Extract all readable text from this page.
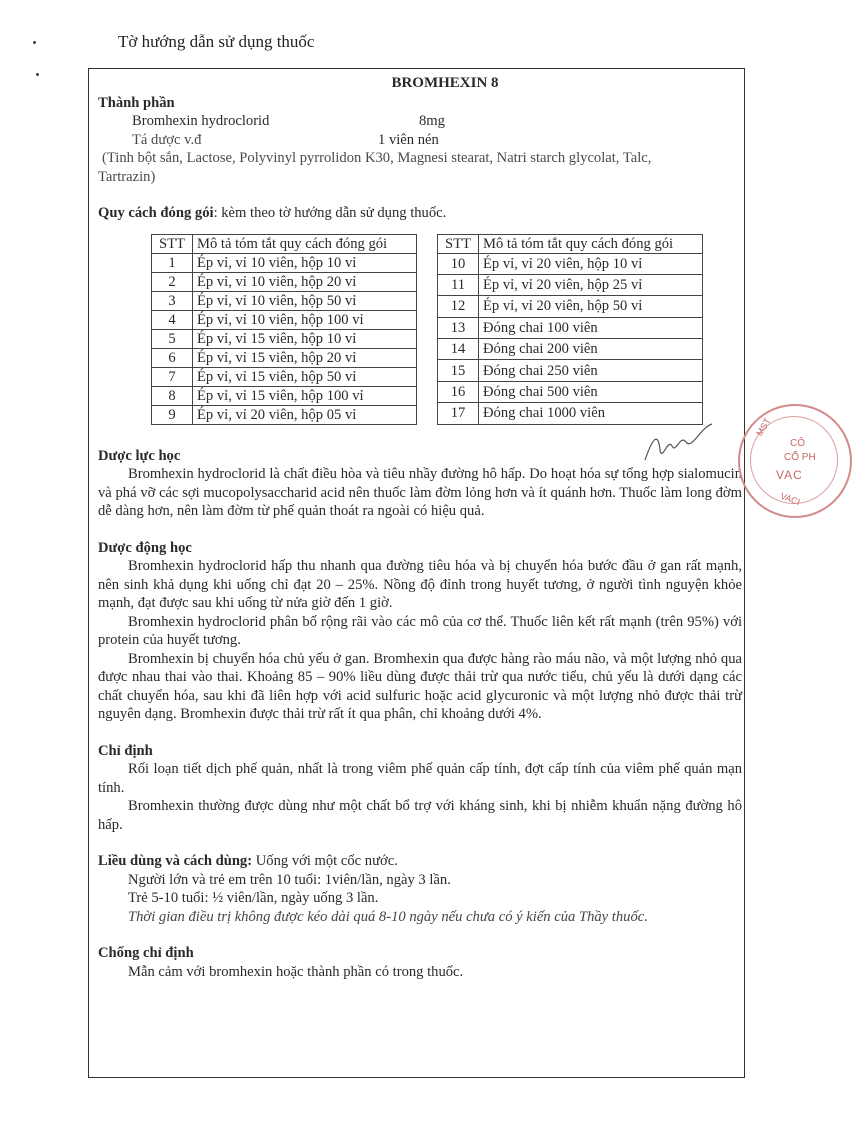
Tờ hướng dẫn sử dụng thuốc
BROMHEXIN 8
Thành phần
Bromhexin hydroclorid	8mg
Tá dược v.đ	1 viên nén
(Tinh bột sắn, Lactose, Polyvinyl pyrrolidon K30, Magnesi stearat, Natri starch glycolat, Talc,
Tartrazin)
Quy cách đóng gói: kèm theo tờ hướng dẫn sử dụng thuốc.
STT	Mô tả tóm tắt quy cách đóng gói
1	Ép vỉ, vỉ 10 viên, hộp 10 vỉ
2	Ép vỉ, vỉ 10 viên, hộp 20 vỉ
3	Ép vỉ, vỉ 10 viên, hộp 50 vỉ
4	Ép vỉ, vỉ 10 viên, hộp 100 vỉ
5	Ép vỉ, vỉ 15 viên, hộp 10 vỉ
6	Ép vỉ, vỉ 15 viên, hộp 20 vỉ
7	Ép vỉ, vỉ 15 viên, hộp 50 vỉ
8	Ép vỉ, vỉ 15 viên, hộp 100 vỉ
9	Ép vỉ, vỉ 20 viên, hộp 05 vỉ
STT	Mô tả tóm tắt quy cách đóng gói
10	Ép vỉ, vỉ 20 viên, hộp 10 vỉ
11	Ép vỉ, vỉ 20 viên, hộp 25 vỉ
12	Ép vỉ, vỉ 20 viên, hộp 50 vỉ
13	Đóng chai 100 viên
14	Đóng chai 200 viên
15	Đóng chai 250 viên
16	Đóng chai 500 viên
17	Đóng chai 1000 viên
Dược lực học
Bromhexin hydroclorid là chất điều hòa và tiêu nhầy đường hô hấp. Do hoạt hóa sự tổng hợp sialomucin và phá vỡ các sợi mucopolysaccharid acid nên thuốc làm đờm lỏng hơn và ít quánh hơn. Thuốc làm long đờm dễ dàng hơn, nên làm đờm từ phế quản thoát ra ngoài có hiệu quả.
Dược động học
Bromhexin hydroclorid hấp thu nhanh qua đường tiêu hóa và bị chuyển hóa bước đầu ở gan rất mạnh, nên sinh khả dụng khi uống chỉ đạt 20 – 25%. Nồng độ đỉnh trong huyết tương, ở người tình nguyện khỏe mạnh, đạt được sau khi uống từ nửa giờ đến 1 giờ.
Bromhexin hydroclorid phân bố rộng rãi vào các mô của cơ thể. Thuốc liên kết rất mạnh (trên 95%) với protein của huyết tương.
Bromhexin bị chuyển hóa chủ yếu ở gan. Bromhexin qua được hàng rào máu não, và một lượng nhỏ qua được nhau thai vào thai. Khoảng 85 – 90% liều dùng được thải trừ qua nước tiểu, chủ yếu là dưới dạng các chất chuyển hóa, sau khi đã liên hợp với acid sulfuric hoặc acid glycuronic và một lượng nhỏ được thải trừ nguyên dạng. Bromhexin được thải trừ rất ít qua phân, chỉ khoảng dưới 4%.
Chỉ định
Rối loạn tiết dịch phế quản, nhất là trong viêm phế quản cấp tính, đợt cấp tính của viêm phế quản mạn tính.
Bromhexin thường được dùng như một chất bổ trợ với kháng sinh, khi bị nhiễm khuẩn nặng đường hô hấp.
Liều dùng và cách dùng: Uống với một cốc nước.
Người lớn và trẻ em trên 10 tuổi: 1viên/lần, ngày 3 lần.
Trẻ 5-10 tuổi: ½ viên/lần, ngày uống 3 lần.
Thời gian điều trị không được kéo dài quá 8-10 ngày nếu chưa có ý kiến của Thầy thuốc.
Chống chỉ định
Mẫn cảm với bromhexin hoặc thành phần có trong thuốc.
CÔ
CỔ PH
VAC
MST
VACI
